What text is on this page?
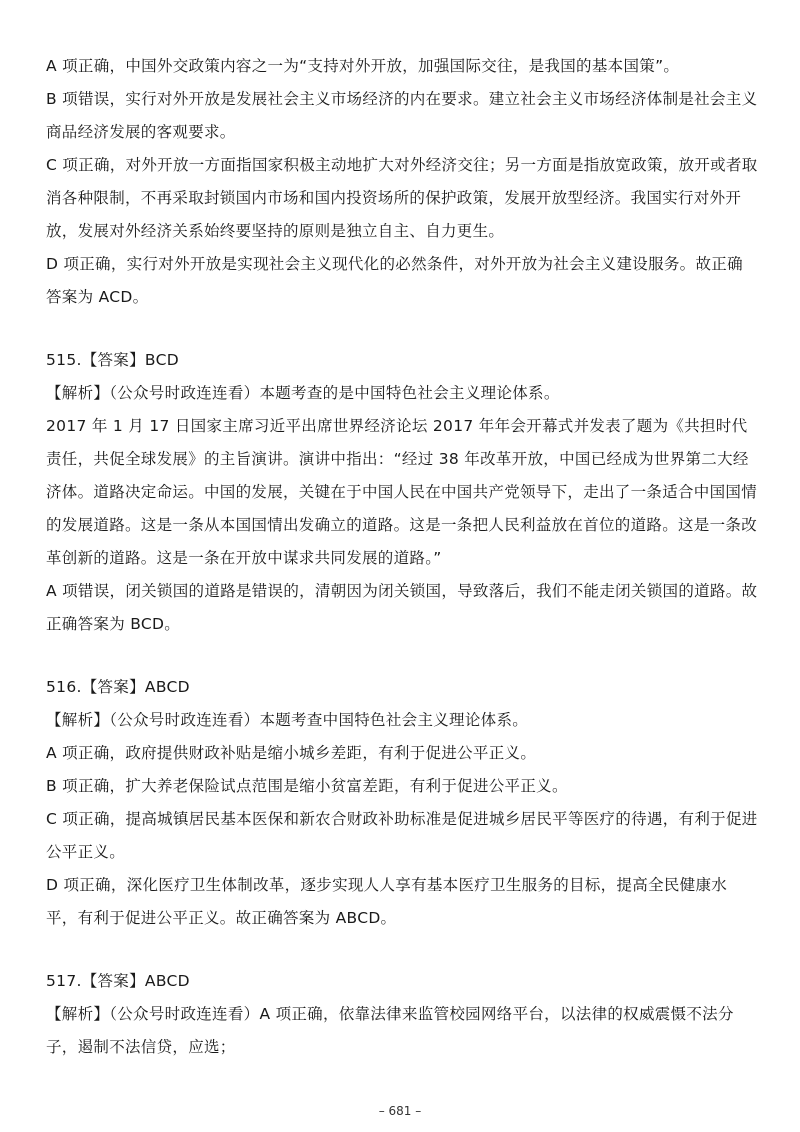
A 项正确，中国外交政策内容之一为“支持对外开放，加强国际交往，是我国的基本国策”。

B 项错误，实行对外开放是发展社会主义市场经济的内在要求。建立社会主义市场经济体制是社会主义商品经济发展的客观要求。

C 项正确，对外开放一方面指国家积极主动地扩大对外经济交往；另一方面是指放宽政策，放开或者取消各种限制，不再采取封锁国内市场和国内投资场所的保护政策，发展开放型经济。我国实行对外开放，发展对外经济关系始终要坚持的原则是独立自主、自力更生。

D 项正确，实行对外开放是实现社会主义现代化的必然条件，对外开放为社会主义建设服务。故正确答案为 ACD。

515.【答案】BCD

【解析】（公众号时政连连看）本题考查的是中国特色社会主义理论体系。

2017 年 1 月 17 日国家主席习近平出席世界经济论坛 2017 年年会开幕式并发表了题为《共担时代责任，共促全球发展》的主旨演讲。演讲中指出：“经过 38 年改革开放，中国已经成为世界第二大经济体。道路决定命运。中国的发展，关键在于中国人民在中国共产党领导下，走出了一条适合中国国情的发展道路。这是一条从本国国情出发确立的道路。这是一条把人民利益放在首位的道路。这是一条改革创新的道路。这是一条在开放中谋求共同发展的道路。”

A 项错误，闭关锁国的道路是错误的，清朝因为闭关锁国，导致落后，我们不能走闭关锁国的道路。故正确答案为 BCD。

516.【答案】ABCD

【解析】（公众号时政连连看）本题考查中国特色社会主义理论体系。

A 项正确，政府提供财政补贴是缩小城乡差距，有利于促进公平正义。

B 项正确，扩大养老保险试点范围是缩小贫富差距，有利于促进公平正义。

C 项正确，提高城镇居民基本医保和新农合财政补助标准是促进城乡居民平等医疗的待遇，有利于促进公平正义。

D 项正确，深化医疗卫生体制改革，逐步实现人人享有基本医疗卫生服务的目标，提高全民健康水平，有利于促进公平正义。故正确答案为 ABCD。

517.【答案】ABCD

【解析】（公众号时政连连看）A 项正确，依靠法律来监管校园网络平台，以法律的权威震慑不法分子，遏制不法信贷，应选；

– 681 –
